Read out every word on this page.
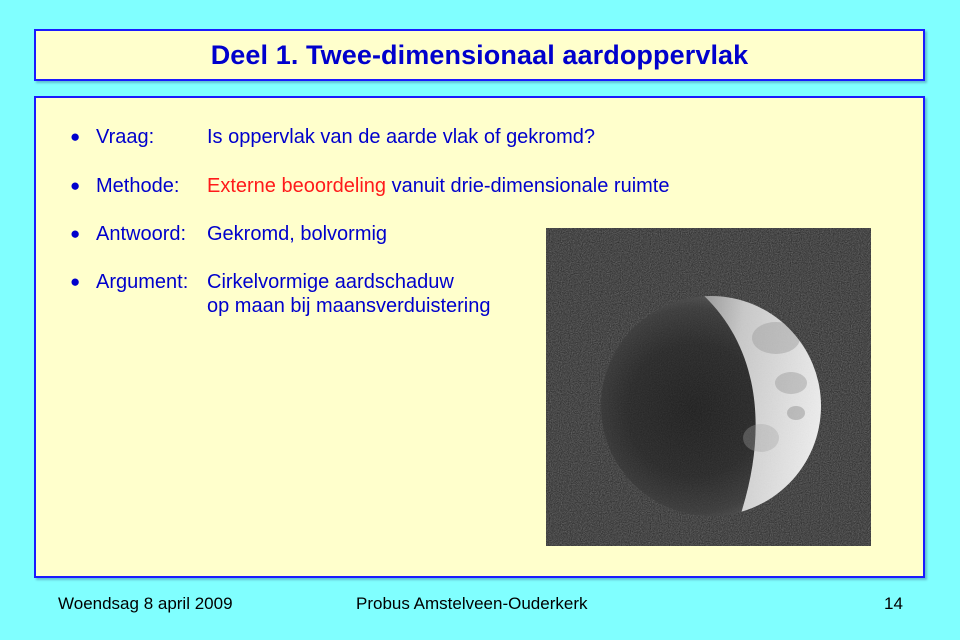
Deel 1. Twee-dimensionaal aardoppervlak
● Vraag:	Is oppervlak van de aarde vlak of gekromd?
● Methode: Externe beoordeling vanuit drie-dimensionale ruimte
● Antwoord: Gekromd, bolvormig
● Argument: Cirkelvormige aardschaduw
op maan bij maansverduistering
Woendsag 8 april 2009	Probus Amstelveen-Ouderkerk	14
